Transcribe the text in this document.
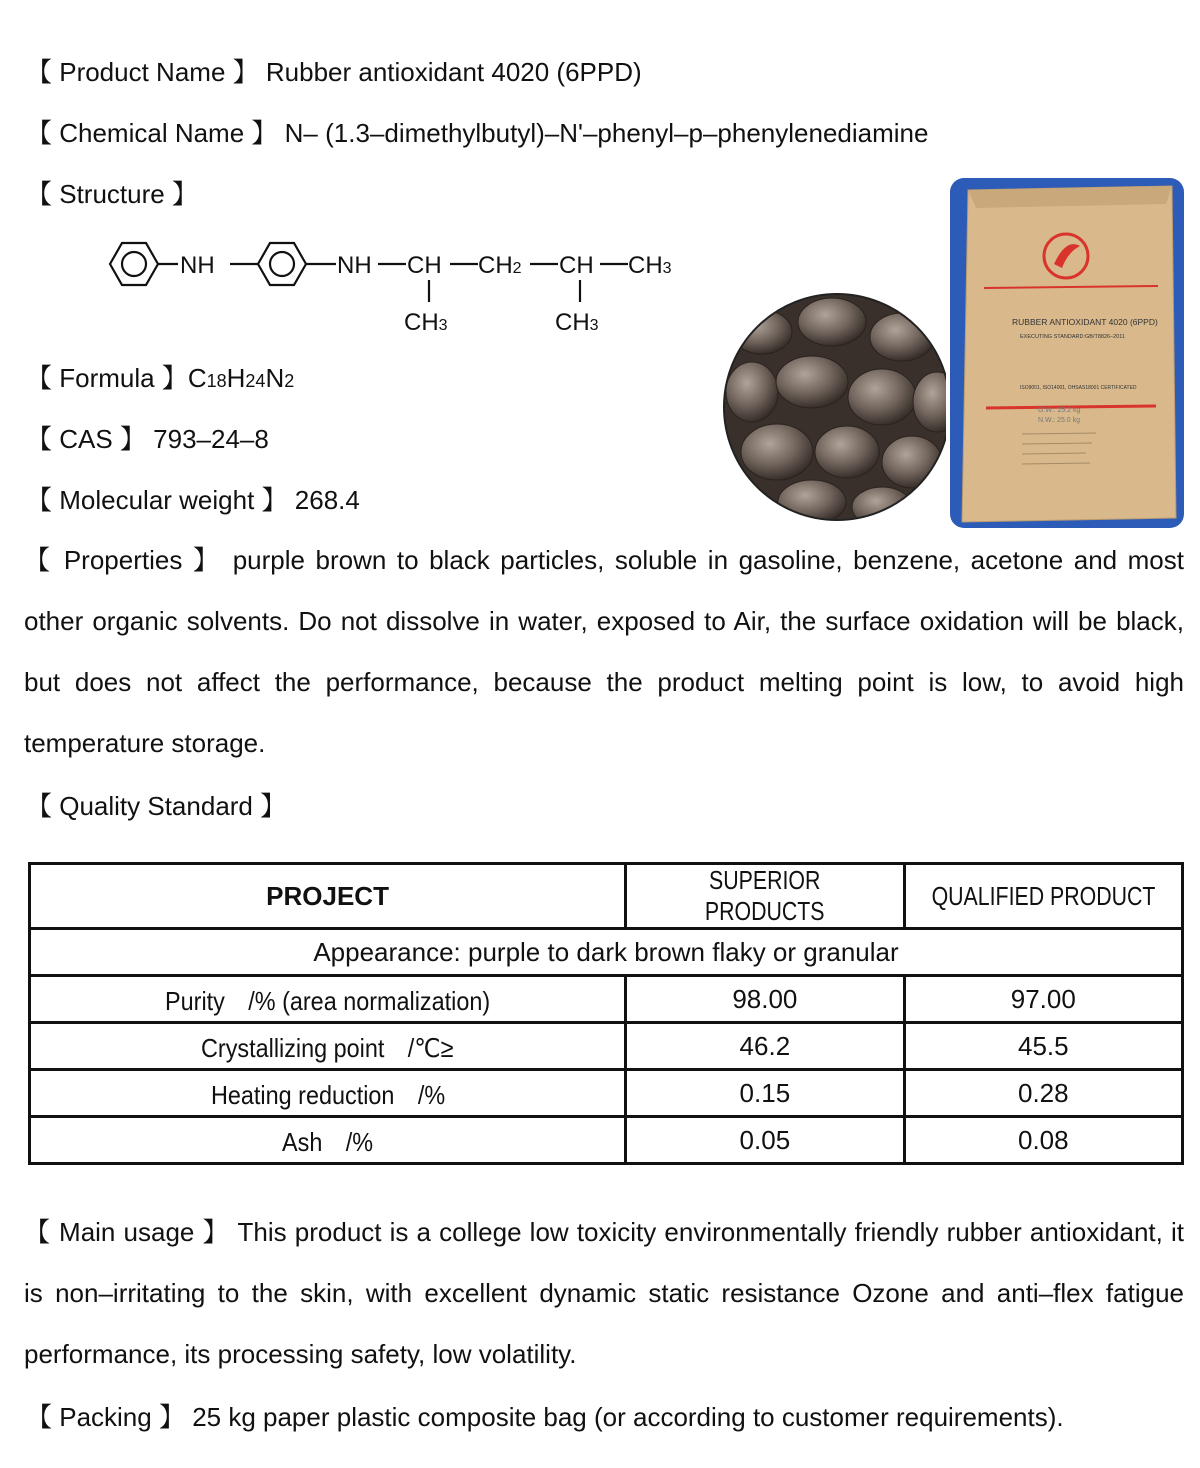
【 Product Name 】 Rubber antioxidant 4020 (6PPD)
【 Chemical Name 】 N– (1.3–dimethylbutyl)–N'–phenyl–p–phenylenediamine
【 Structure 】
NH	NH CH CH2 CH CH3
CH3	CH3
【 Formula 】C18H24N2
【 CAS 】 793–24–8
【 Molecular weight 】 268.4
RUBBER ANTIOXIDANT 4020 (6PPD)
EXECUTING STANDARD:GB/T8826–2011
ISO9001, ISO14001, OHSAS18001 CERTIFICATED
G.W.: 25.2 kg
N.W.: 25.0 kg
【 Properties 】 purple brown to black particles, soluble in gasoline, benzene, acetone and most other organic solvents. Do not dissolve in water, exposed to Air, the surface oxidation will be black, but does not affect the performance, because the product melting point is low, to avoid high temperature storage.
【 Quality Standard 】
PROJECT	SUPERIOR PRODUCTS	QUALIFIED PRODUCT
Appearance: purple to dark brown flaky or granular		
Purity　/% (area normalization)	98.00	97.00
Crystallizing point　/℃≥	46.2	45.5
Heating reduction　/%	0.15	0.28
Ash　/%	0.05	0.08
【 Main usage 】 This product is a college low toxicity environmentally friendly rubber antioxidant, it is non–irritating to the skin, with excellent dynamic static resistance Ozone and anti–flex fatigue performance, its processing safety, low volatility.
【 Packing 】 25 kg paper plastic composite bag (or according to customer requirements).
